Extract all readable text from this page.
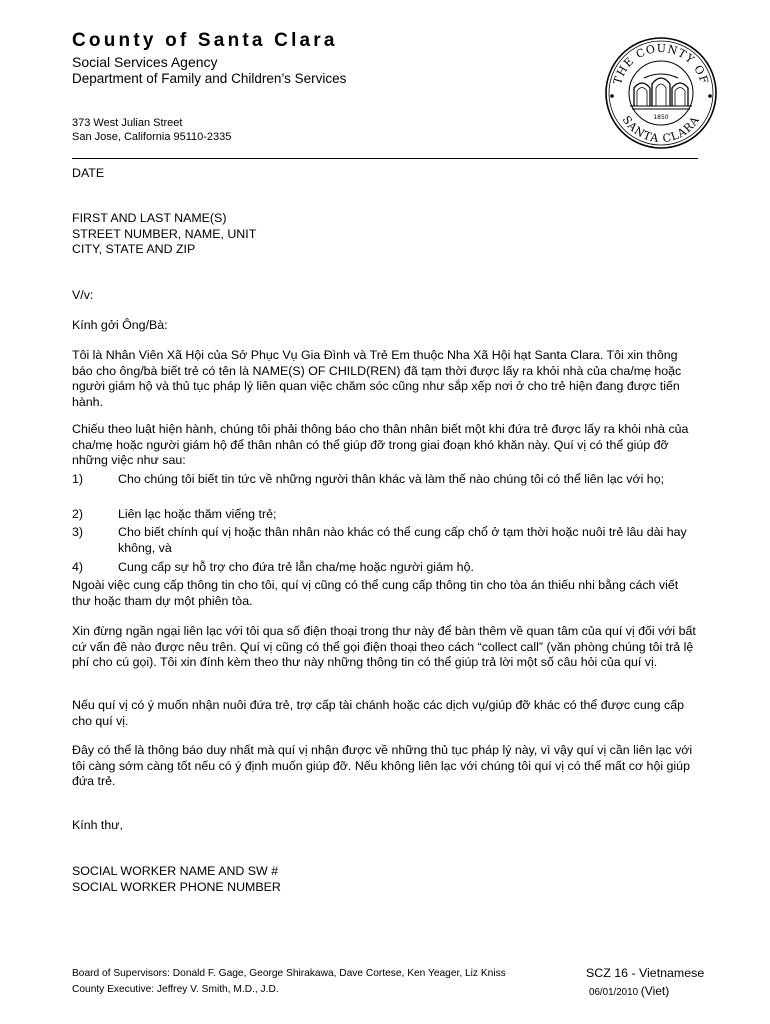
County of Santa Clara
Social Services Agency
Department of Family and Children’s Services
373 West Julian Street
San Jose, California 95110-2335
THE COUNTY OF
SANTA CLARA
1850
DATE
FIRST AND LAST NAME(S)
STREET NUMBER, NAME, UNIT
CITY, STATE AND ZIP
V/v:
Kính gởi Ông/Bà:
Tôi là Nhân Viên Xã Hội của Sở Phục Vụ Gia Đình và Trẻ Em thuộc Nha Xã Hội hạt Santa Clara. Tôi xin thông báo cho ông/bà biết trẻ có tên là NAME(S) OF CHILD(REN) đã tạm thời được lấy ra khỏi nhà của cha/mẹ hoặc người giám hộ và thủ tục pháp lý liên quan việc chăm sóc cũng như sắp xếp nơi ở cho trẻ hiện đang được tiến hành.
Chiếu theo luật hiện hành, chúng tôi phải thông báo cho thân nhân biết một khi đứa trẻ được lấy ra khỏi nhà của cha/mẹ hoặc người giám hộ để thân nhân có thể giúp đỡ trong giai đoạn khó khăn này. Quí vị có thể giúp đỡ những việc như sau:
1)	Cho chúng tôi biết tin tức về những người thân khác và làm thế nào chúng tôi có thể liên lạc với họ;
2)	Liên lạc hoặc thăm viếng trẻ;
3)	Cho biết chính quí vị hoặc thân nhân nào khác có thể cung cấp chổ ở tạm thời hoặc nuôi trẻ lâu dài hay không, và
4)	Cung cấp sự hỗ trợ cho đứa trẻ lẫn cha/mẹ hoặc người giám hộ.
Ngoài việc cung cấp thông tin cho tôi, quí vị cũng có thể cung cấp thông tin cho tòa án thiếu nhi bằng cách viết thư hoặc tham dự một phiên tòa.
Xin đừng ngần ngại liên lạc với tôi qua số điện thoại trong thư này để bàn thêm về quan tâm của quí vị đối với bất cứ vấn đề nào được nêu trên. Quí vị cũng có thể gọi điện thoại theo cách “collect call” (văn phòng chúng tôi trả lệ phí cho cú gọi). Tôi xin đính kèm theo thư này những thông tin có thể giúp trả lời một số câu hỏi của quí vị.
Nếu quí vị có ý muốn nhận nuôi đứa trẻ, trợ cấp tài chánh hoặc các dịch vụ/giúp đỡ khác có thể được cung cấp cho quí vị.
Đây có thể là thông báo duy nhất mà quí vị nhận được về những thủ tục pháp lý này, vì vậy quí vị cần liên lạc với tôi càng sớm càng tốt nếu có ý định muốn giúp đỡ. Nếu không liên lạc với chúng tôi quí vị có thể mất cơ hội giúp đứa trẻ.
Kính thư,
SOCIAL WORKER NAME AND SW #
SOCIAL WORKER PHONE NUMBER
Board of Supervisors: Donald F. Gage, George Shirakawa, Dave Cortese, Ken Yeager, Liz Kniss
County Executive: Jeffrey V. Smith, M.D., J.D.
SCZ 16 - Vietnamese
06/01/2010 (Viet)
